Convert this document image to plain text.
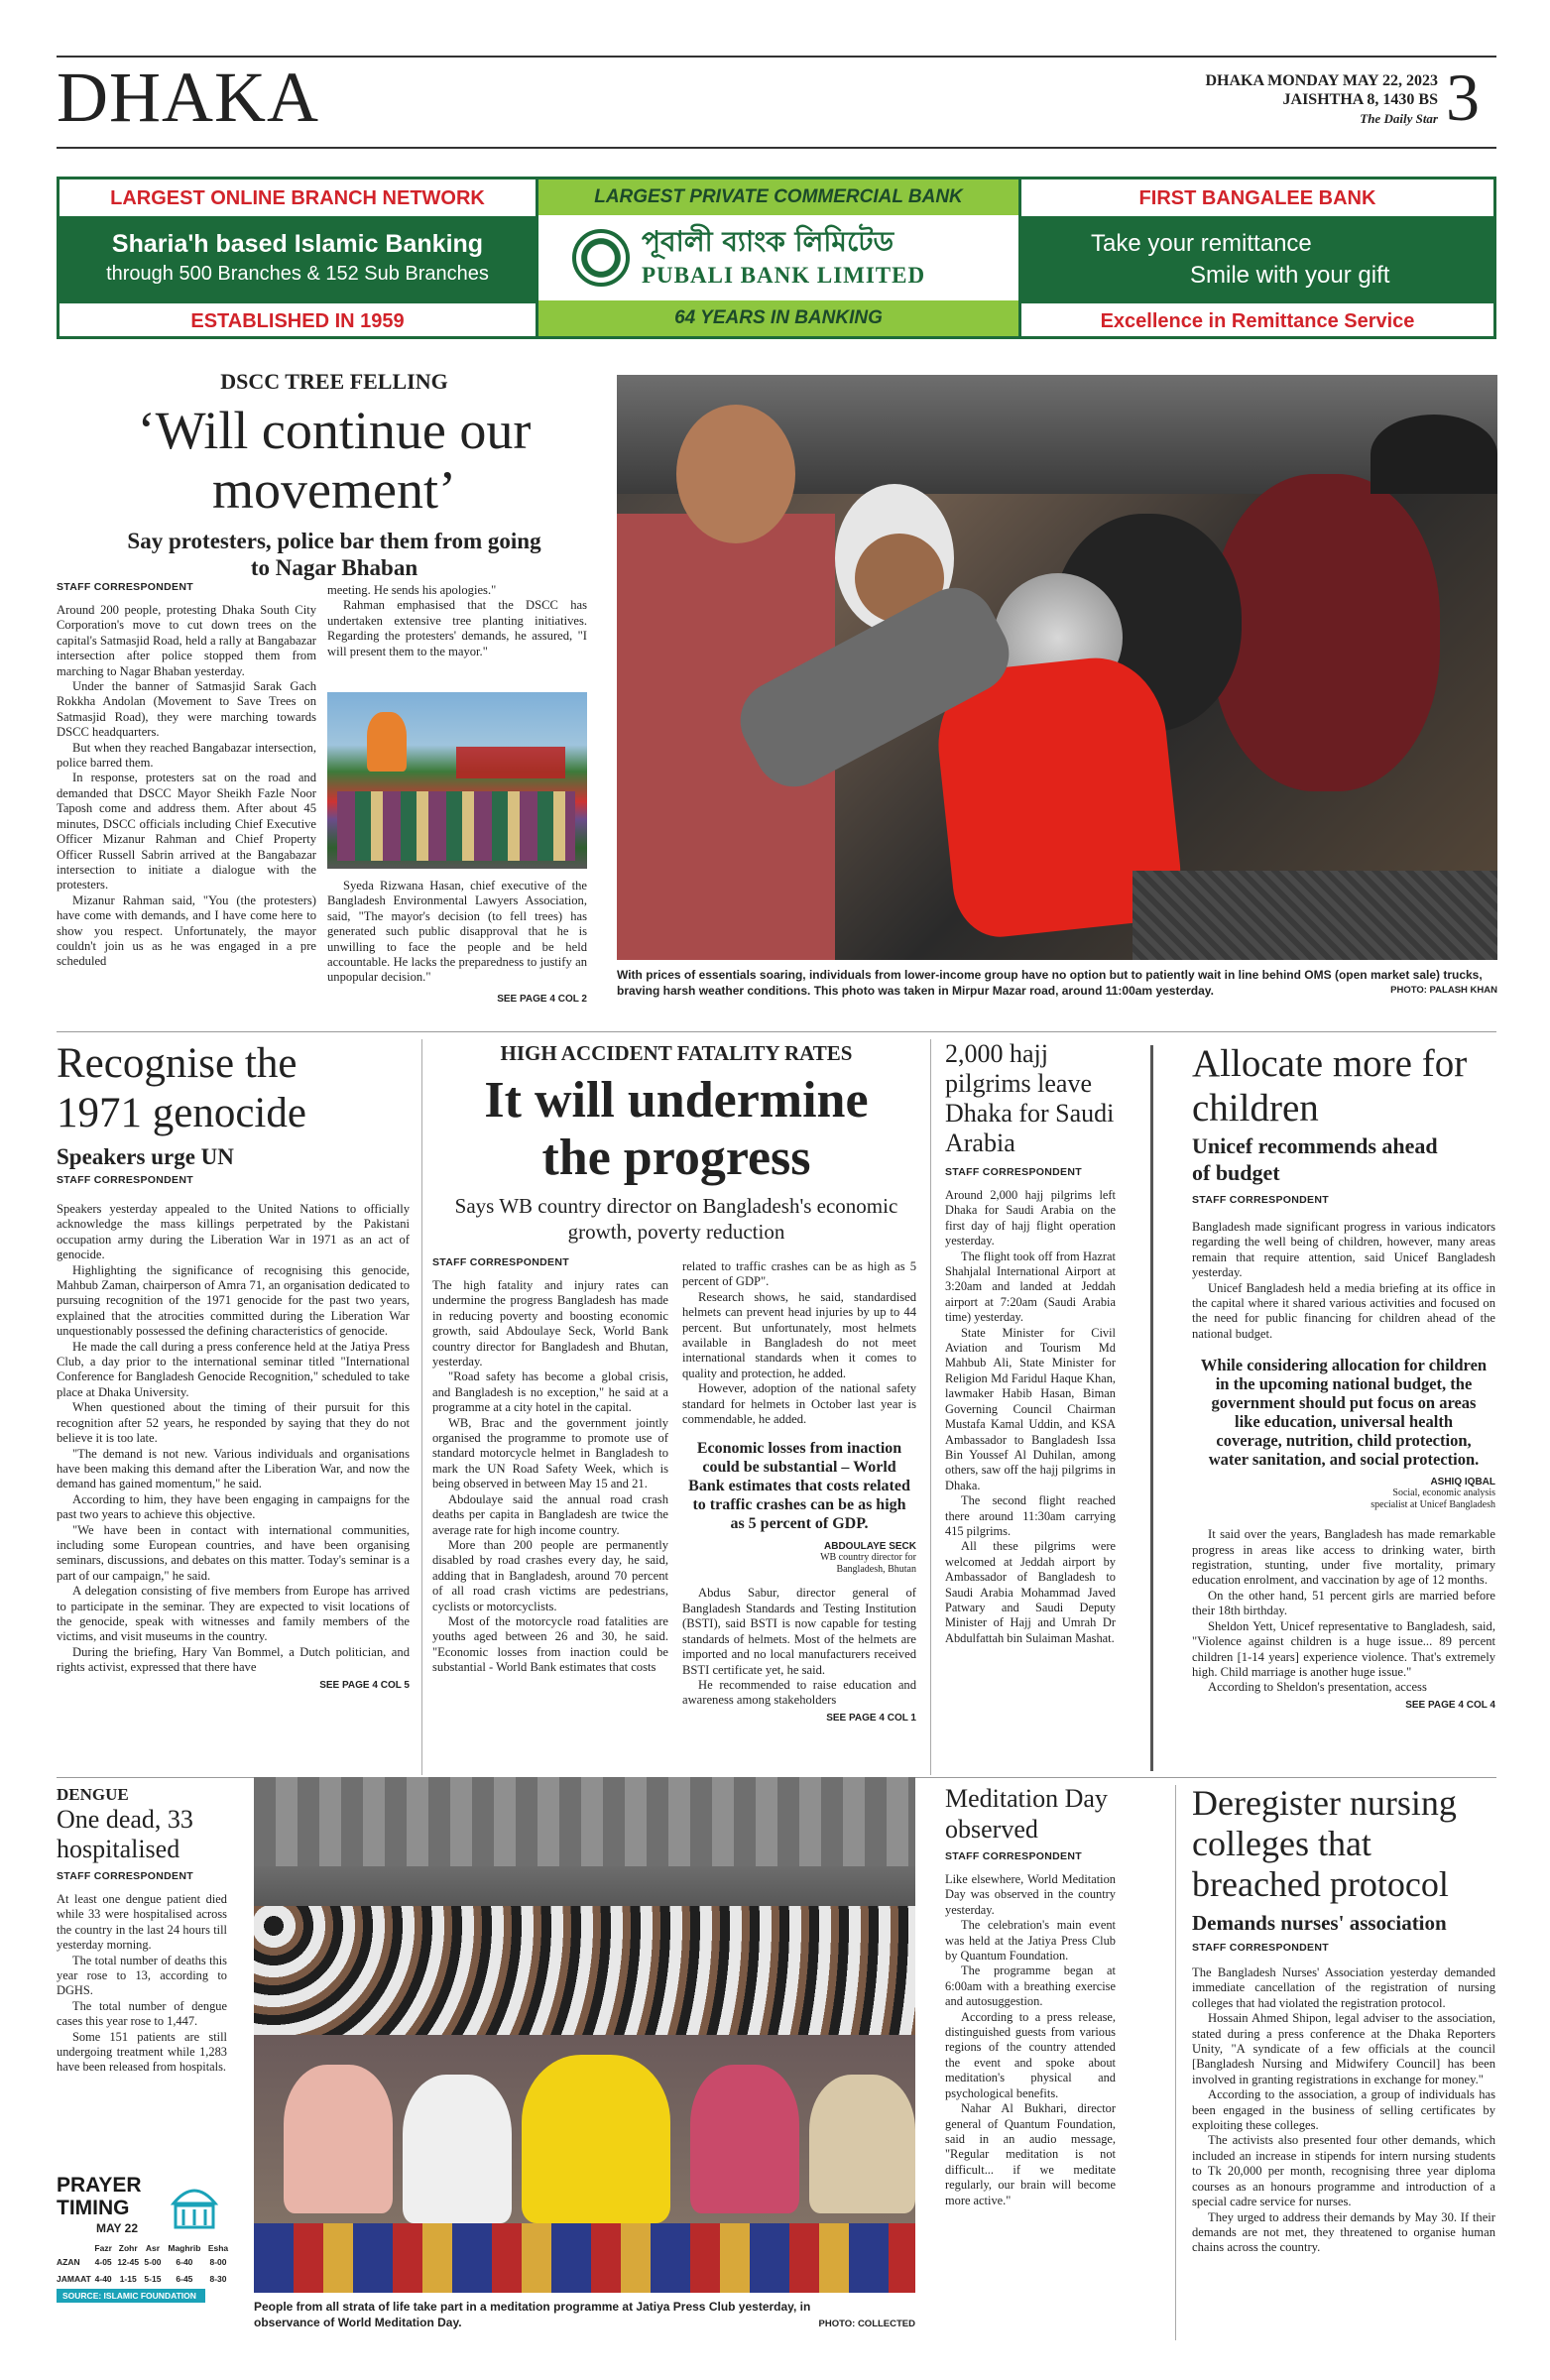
DHAKA	DHAKA MONDAY MAY 22, 2023
JAISHTHA 8, 1430 BS
The Daily Star 3
LARGEST ONLINE BRANCH NETWORK
Sharia'h based Islamic Banking
through 500 Branches & 152 Sub Branches
ESTABLISHED IN 1959
LARGEST PRIVATE COMMERCIAL BANK
পূবালী ব্যাংক লিমিটেড
PUBALI BANK LIMITED
64 YEARS IN BANKING
FIRST BANGALEE BANK
Take your remittance
Smile with your gift
Excellence in Remittance Service
DSCC TREE FELLING
‘Will continue our movement’
Say protesters, police bar them from going to Nagar Bhaban
STAFF CORRESPONDENT

Around 200 people, protesting Dhaka South City Corporation's move to cut down trees on the capital's Satmasjid Road, held a rally at Bangabazar intersection after police stopped them from marching to Nagar Bhaban yesterday.

Under the banner of Satmasjid Sarak Gach Rokkha Andolan (Movement to Save Trees on Satmasjid Road), they were marching towards DSCC headquarters.

But when they reached Bangabazar intersection, police barred them.

In response, protesters sat on the road and demanded that DSCC Mayor Sheikh Fazle Noor Taposh come and address them. After about 45 minutes, DSCC officials including Chief Executive Officer Mizanur Rahman and Chief Property Officer Russell Sabrin arrived at the Bangabazar intersection to initiate a dialogue with the protesters.

Mizanur Rahman said, "You (the protesters) have come with demands, and I have come here to show you respect. Unfortunately, the mayor couldn't join us as he was engaged in a pre scheduled

meeting. He sends his apologies."

Rahman emphasised that the DSCC has undertaken extensive tree planting initiatives. Regarding the protesters' demands, he assured, "I will present them to the mayor."

Syeda Rizwana Hasan, chief executive of the Bangladesh Environmental Lawyers Association, said, "The mayor's decision (to fell trees) has generated such public disapproval that he is unwilling to face the people and be held accountable. He lacks the preparedness to justify an unpopular decision."

SEE PAGE 4 COL 2
With prices of essentials soaring, individuals from lower-income group have no option but to patiently wait in line behind OMS (open market sale) trucks, braving harsh weather conditions. This photo was taken in Mirpur Mazar road, around 11:00am yesterday.	PHOTO: PALASH KHAN
Recognise the 1971 genocide
Speakers urge UN
STAFF CORRESPONDENT

Speakers yesterday appealed to the United Nations to officially acknowledge the mass killings perpetrated by the Pakistani occupation army during the Liberation War in 1971 as an act of genocide.

Highlighting the significance of recognising this genocide, Mahbub Zaman, chairperson of Amra 71, an organisation dedicated to pursuing recognition of the 1971 genocide for the past two years, explained that the atrocities committed during the Liberation War unquestionably possessed the defining characteristics of genocide.

He made the call during a press conference held at the Jatiya Press Club, a day prior to the international seminar titled "International Conference for Bangladesh Genocide Recognition," scheduled to take place at Dhaka University.

When questioned about the timing of their pursuit for this recognition after 52 years, he responded by saying that they do not believe it is too late.

"The demand is not new. Various individuals and organisations have been making this demand after the Liberation War, and now the demand has gained momentum," he said.

According to him, they have been engaging in campaigns for the past two years to achieve this objective.

"We have been in contact with international communities, including some European countries, and have been organising seminars, discussions, and debates on this matter. Today's seminar is a part of our campaign," he said.

A delegation consisting of five members from Europe has arrived to participate in the seminar. They are expected to visit locations of the genocide, speak with witnesses and family members of the victims, and visit museums in the country.

During the briefing, Hary Van Bommel, a Dutch politician, and rights activist, expressed that there have

SEE PAGE 4 COL 5
HIGH ACCIDENT FATALITY RATES
It will undermine the progress
Says WB country director on Bangladesh's economic growth, poverty reduction
STAFF CORRESPONDENT

The high fatality and injury rates can undermine the progress Bangladesh has made in reducing poverty and boosting economic growth, said Abdoulaye Seck, World Bank country director for Bangladesh and Bhutan, yesterday.

"Road safety has become a global crisis, and Bangladesh is no exception," he said at a programme at a city hotel in the capital.

WB, Brac and the government jointly organised the programme to promote use of standard motorcycle helmet in Bangladesh to mark the UN Road Safety Week, which is being observed in between May 15 and 21.

Abdoulaye said the annual road crash deaths per capita in Bangladesh are twice the average rate for high income country.

More than 200 people are permanently disabled by road crashes every day, he said, adding that in Bangladesh, around 70 percent of all road crash victims are pedestrians, cyclists or motorcyclists.

Most of the motorcycle road fatalities are youths aged between 26 and 30, he said. "Economic losses from inaction could be substantial - World Bank estimates that costs

related to traffic crashes can be as high as 5 percent of GDP".

Research shows, he said, standardised helmets can prevent head injuries by up to 44 percent. But unfortunately, most helmets available in Bangladesh do not meet international standards when it comes to quality and protection, he added.

However, adoption of the national safety standard for helmets in October last year is commendable, he added.

Economic losses from inaction could be substantial – World Bank estimates that costs related to traffic crashes can be as high as 5 percent of GDP.
ABDOULAYE SECK
WB country director for Bangladesh, Bhutan

Abdus Sabur, director general of Bangladesh Standards and Testing Institution (BSTI), said BSTI is now capable for testing standards of helmets. Most of the helmets are imported and no local manufacturers received BSTI certificate yet, he said.

He recommended to raise education and awareness among stakeholders

SEE PAGE 4 COL 1
2,000 hajj pilgrims leave Dhaka for Saudi Arabia
STAFF CORRESPONDENT

Around 2,000 hajj pilgrims left Dhaka for Saudi Arabia on the first day of hajj flight operation yesterday.

The flight took off from Hazrat Shahjalal International Airport at 3:20am and landed at Jeddah airport at 7:20am (Saudi Arabia time) yesterday.

State Minister for Civil Aviation and Tourism Md Mahbub Ali, State Minister for Religion Md Faridul Haque Khan, lawmaker Habib Hasan, Biman Governing Council Chairman Mustafa Kamal Uddin, and KSA Ambassador to Bangladesh Issa Bin Youssef Al Duhilan, among others, saw off the hajj pilgrims in Dhaka.

The second flight reached there around 11:30am carrying 415 pilgrims.

All these pilgrims were welcomed at Jeddah airport by Ambassador of Bangladesh to Saudi Arabia Mohammad Javed Patwary and Saudi Deputy Minister of Hajj and Umrah Dr Abdulfattah bin Sulaiman Mashat.

Allocate more for children
Unicef recommends ahead of budget
STAFF CORRESPONDENT

Bangladesh made significant progress in various indicators regarding the well being of children, however, many areas remain that require attention, said Unicef Bangladesh yesterday.

Unicef Bangladesh held a media briefing at its office in the capital where it shared various activities and focused on the need for public financing for children ahead of the national budget.

While considering allocation for children in the upcoming national budget, the government should put focus on areas like education, universal health coverage, nutrition, child protection, water sanitation, and social protection.
ASHIQ IQBAL
Social, economic analysis
specialist at Unicef Bangladesh

It said over the years, Bangladesh has made remarkable progress in areas like access to drinking water, birth registration, stunting, under five mortality, primary education enrolment, and vaccination by age of 12 months.

On the other hand, 51 percent girls are married before their 18th birthday.

Sheldon Yett, Unicef representative to Bangladesh, said, "Violence against children is a huge issue... 89 percent children [1-14 years] experience violence. That's extremely high. Child marriage is another huge issue."

According to Sheldon's presentation, access

SEE PAGE 4 COL 4
DENGUE
One dead, 33 hospitalised
STAFF CORRESPONDENT

At least one dengue patient died while 33 were hospitalised across the country in the last 24 hours till yesterday morning.

The total number of deaths this year rose to 13, according to DGHS.

The total number of dengue cases this year rose to 1,447.

Some 151 patients are still undergoing treatment while 1,283 have been released from hospitals.

PRAYER
TIMING
MAY 22
	Fazr	Zohr	Asr	Maghrib	Esha
AZAN	4-05	12-45	5-00	6-40	8-00
JAMAAT	4-40	1-15	5-15	6-45	8-30
SOURCE: ISLAMIC FOUNDATION
People from all strata of life take part in a meditation programme at Jatiya Press Club yesterday, in observance of World Meditation Day.	PHOTO: COLLECTED
Meditation Day observed
STAFF CORRESPONDENT

Like elsewhere, World Meditation Day was observed in the country yesterday.

The celebration's main event was held at the Jatiya Press Club by Quantum Foundation.

The programme began at 6:00am with a breathing exercise and autosuggestion.

According to a press release, distinguished guests from various regions of the country attended the event and spoke about meditation's physical and psychological benefits.

Nahar Al Bukhari, director general of Quantum Foundation, said in an audio message, "Regular meditation is not difficult... if we meditate regularly, our brain will become more active."

Deregister nursing colleges that breached protocol
Demands nurses' association
STAFF CORRESPONDENT

The Bangladesh Nurses' Association yesterday demanded immediate cancellation of the registration of nursing colleges that had violated the registration protocol.

Hossain Ahmed Shipon, legal adviser to the association, stated during a press conference at the Dhaka Reporters Unity, "A syndicate of a few officials at the council [Bangladesh Nursing and Midwifery Council] has been involved in granting registrations in exchange for money."

According to the association, a group of individuals has been engaged in the business of selling certificates by exploiting these colleges.

The activists also presented four other demands, which included an increase in stipends for intern nursing students to Tk 20,000 per month, recognising three year diploma courses as an honours programme and introduction of a special cadre service for nurses.

They urged to address their demands by May 30. If their demands are not met, they threatened to organise human chains across the country.
